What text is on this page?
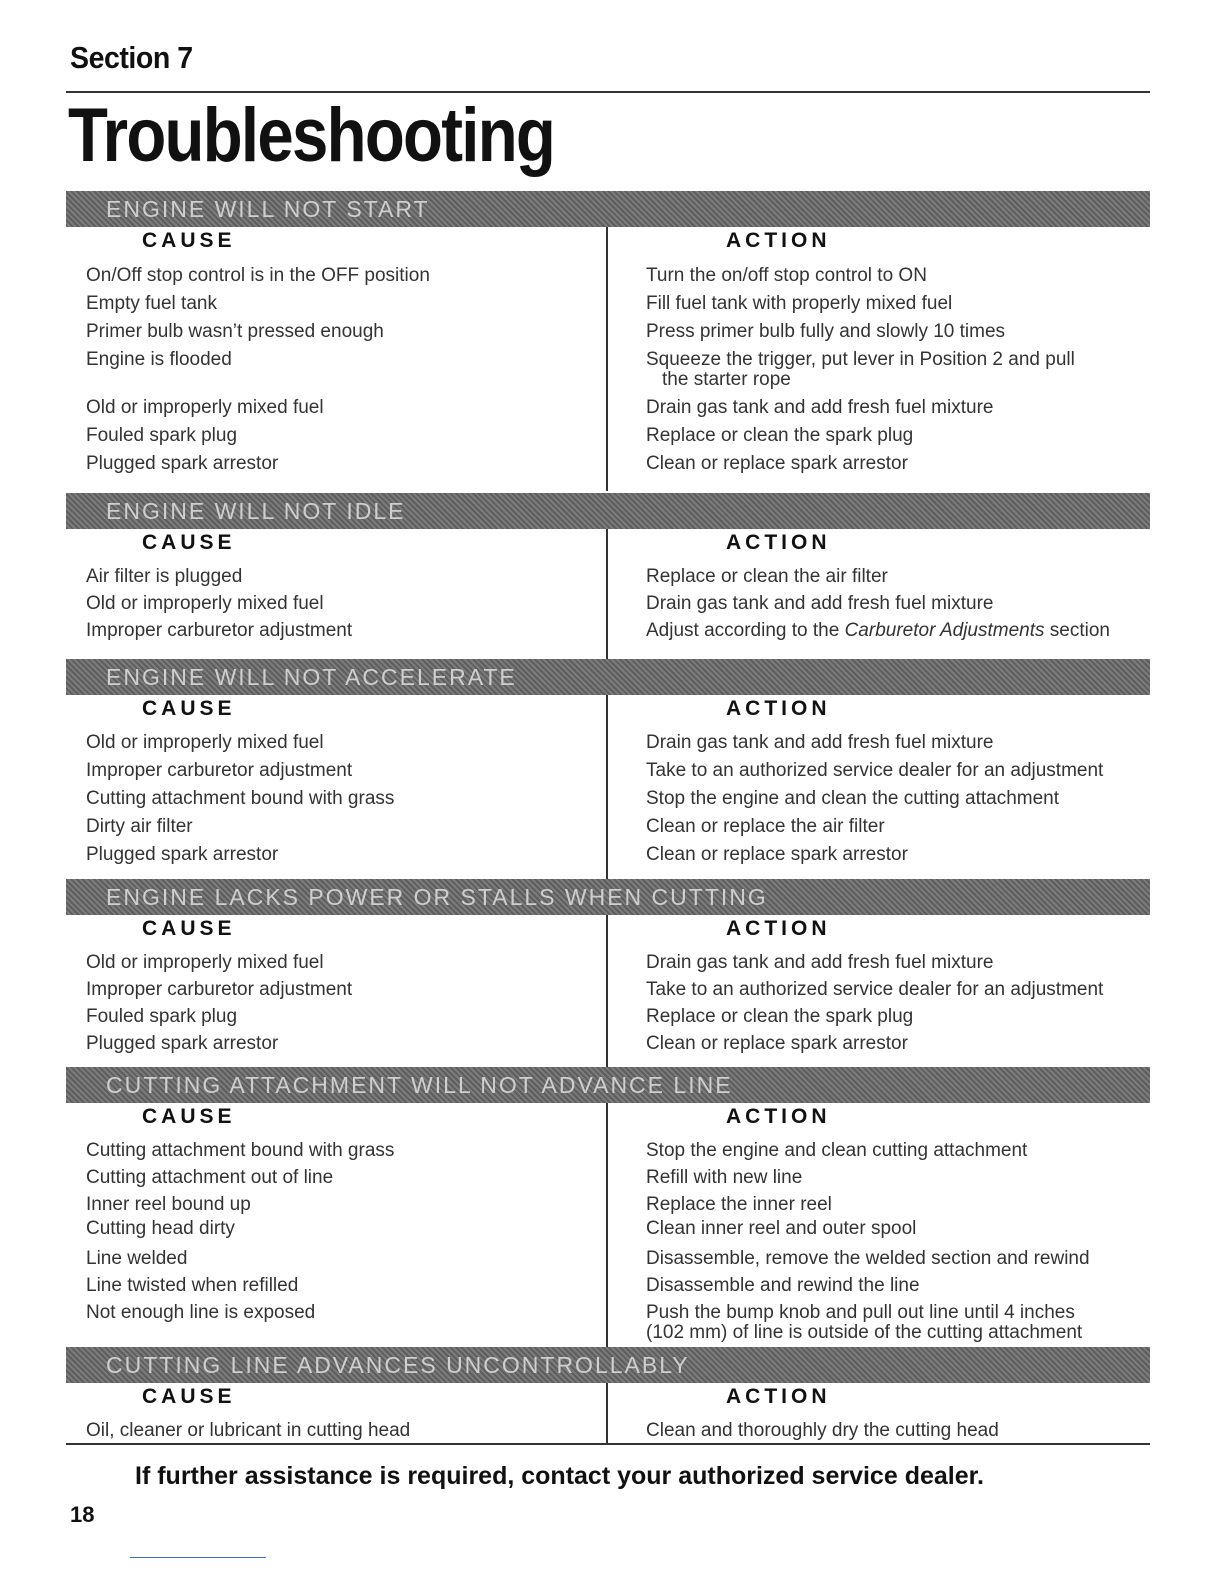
Section 7
Troubleshooting
ENGINE WILL NOT START
CAUSE
On/Off stop control is in the OFF position
Empty fuel tank
Primer bulb wasn’t pressed enough
Engine is flooded
Old or improperly mixed fuel
Fouled spark plug
Plugged spark arrestor
ACTION
Turn the on/off stop control to ON
Fill fuel tank with properly mixed fuel
Press primer bulb fully and slowly 10 times
Squeeze the trigger, put lever in Position 2 and pull
the starter rope
Drain gas tank and add fresh fuel mixture
Replace or clean the spark plug
Clean or replace spark arrestor
ENGINE WILL NOT IDLE
CAUSE
Air filter is plugged
Old or improperly mixed fuel
Improper carburetor adjustment
ACTION
Replace or clean the air filter
Drain gas tank and add fresh fuel mixture
Adjust according to the Carburetor Adjustments section
ENGINE WILL NOT ACCELERATE
CAUSE
Old or improperly mixed fuel
Improper carburetor adjustment
Cutting attachment bound with grass
Dirty air filter
Plugged spark arrestor
ACTION
Drain gas tank and add fresh fuel mixture
Take to an authorized service dealer for an adjustment
Stop the engine and clean the cutting attachment
Clean or replace the air filter
Clean or replace spark arrestor
ENGINE LACKS POWER OR STALLS WHEN CUTTING
CAUSE
Old or improperly mixed fuel
Improper carburetor adjustment
Fouled spark plug
Plugged spark arrestor
ACTION
Drain gas tank and add fresh fuel mixture
Take to an authorized service dealer for an adjustment
Replace or clean the spark plug
Clean or replace spark arrestor
CUTTING ATTACHMENT WILL NOT ADVANCE LINE
CAUSE
Cutting attachment bound with grass
Cutting attachment out of line
Inner reel bound up
Cutting head dirty
Line welded
Line twisted when refilled
Not enough line is exposed
ACTION
Stop the engine and clean cutting attachment
Refill with new line
Replace the inner reel
Clean inner reel and outer spool
Disassemble, remove the welded section and rewind
Disassemble and rewind the line
Push the bump knob and pull out line until 4 inches
(102 mm) of line is outside of the cutting attachment
CUTTING LINE ADVANCES UNCONTROLLABLY
CAUSE
Oil, cleaner or lubricant in cutting head
ACTION
Clean and thoroughly dry the cutting head
If further assistance is required, contact your authorized service dealer.
18
